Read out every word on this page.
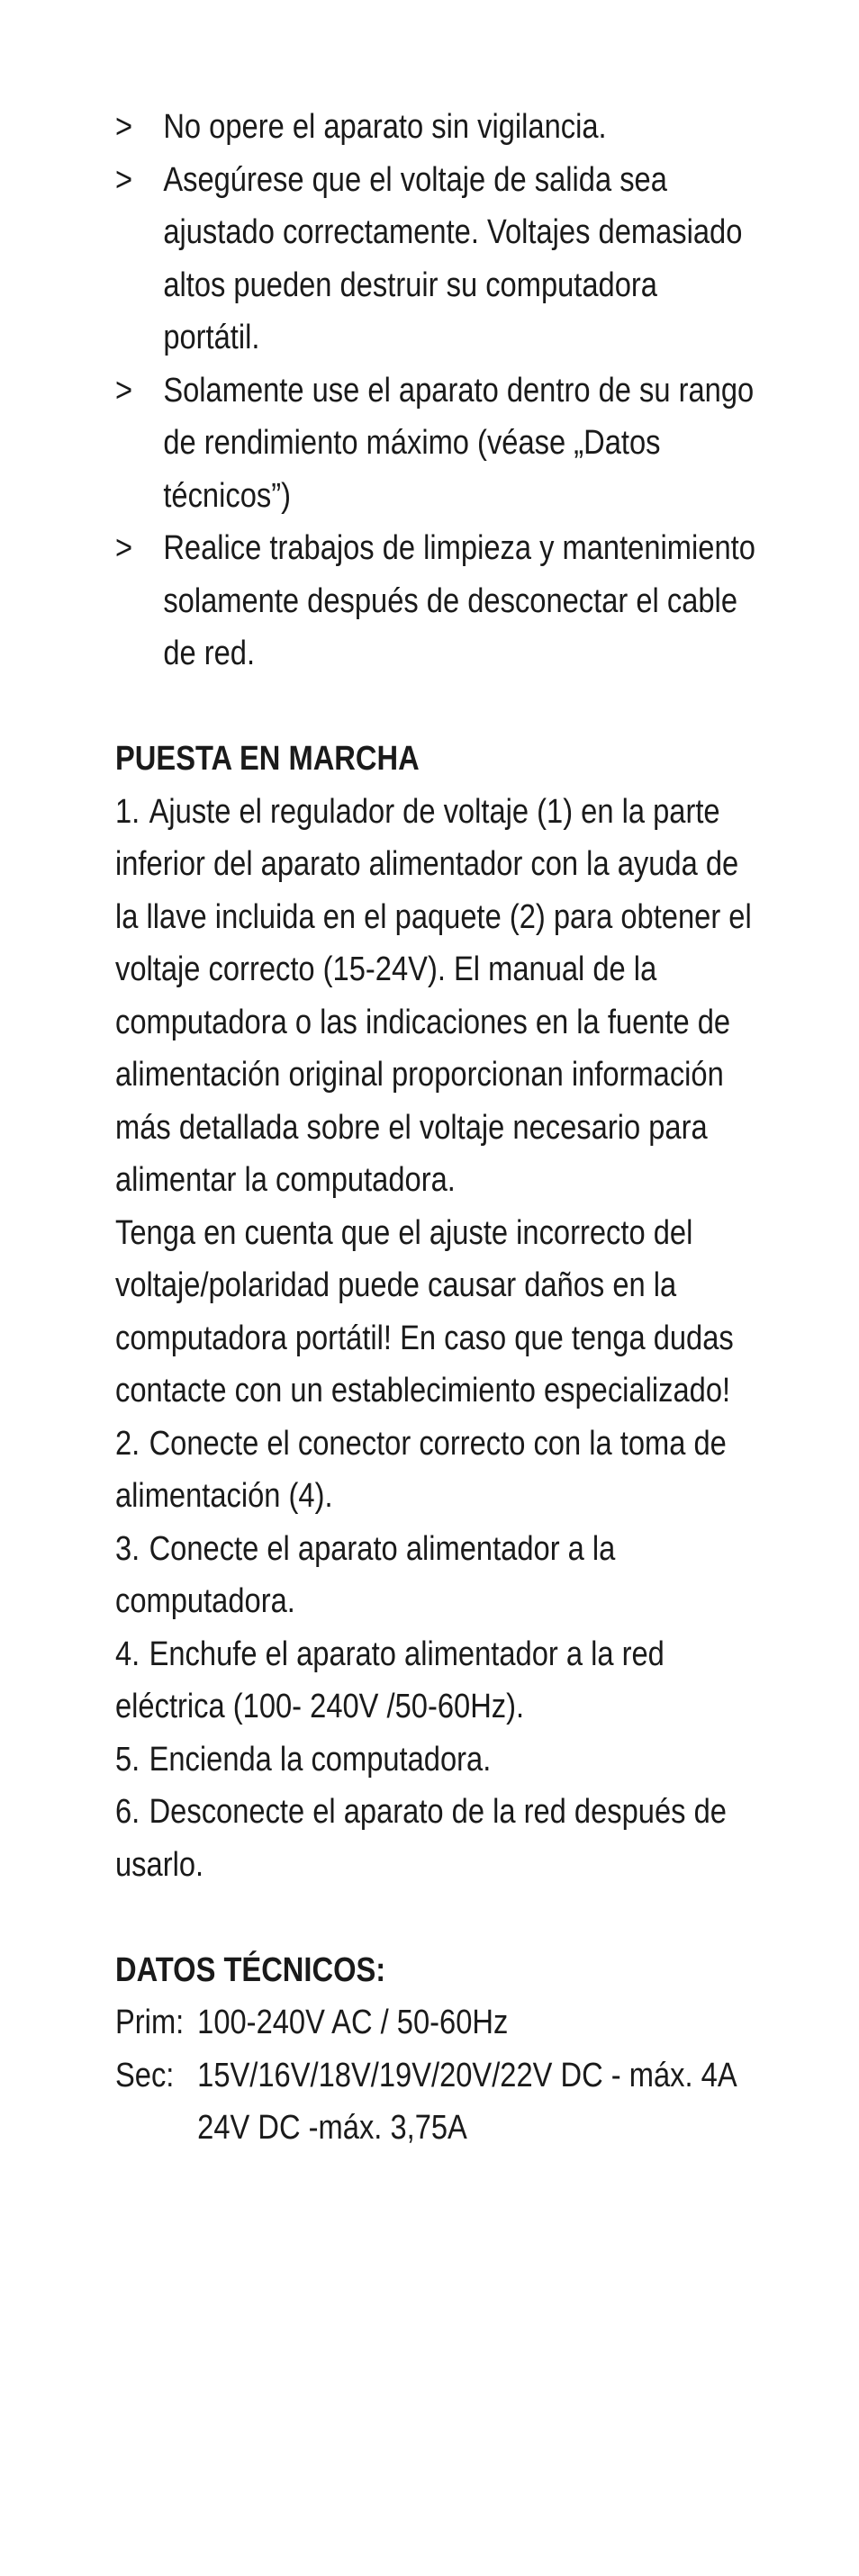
> No opere el aparato sin vigilancia.
> Asegúrese que el voltaje de salida sea ajustado correctamente. Voltajes demasiado altos pueden destruir su computadora portátil.
> Solamente use el aparato dentro de su rango de rendimiento máximo (véase „Datos técnicos”)
> Realice trabajos de limpieza y mantenimiento solamente después de desconectar el cable de red.
PUESTA EN MARCHA

1. Ajuste el regulador de voltaje (1) en la parte inferior del aparato alimentador con la ayuda de la llave incluida en el paquete (2) para obtener el voltaje correcto (15-24V). El manual de la computadora o las indicaciones en la fuente de alimentación original proporcionan información más detallada sobre el voltaje necesario para alimentar la computadora.

Tenga en cuenta que el ajuste incorrecto del voltaje/polaridad puede causar daños en la computadora portátil! En caso que tenga dudas contacte con un establecimiento especializado!

2. Conecte el conector correcto con la toma de alimentación (4).

3. Conecte el aparato alimentador a la computadora.

4. Enchufe el aparato alimentador a la red eléctrica (100- 240V /50-60Hz).

5. Encienda la computadora.

6. Desconecte el aparato de la red después de usarlo.

DATOS TÉCNICOS:
Prim:	100-240V AC / 50-60Hz
Sec:	15V/16V/18V/19V/20V/22V DC - máx. 4A
24V DC -máx. 3,75A
